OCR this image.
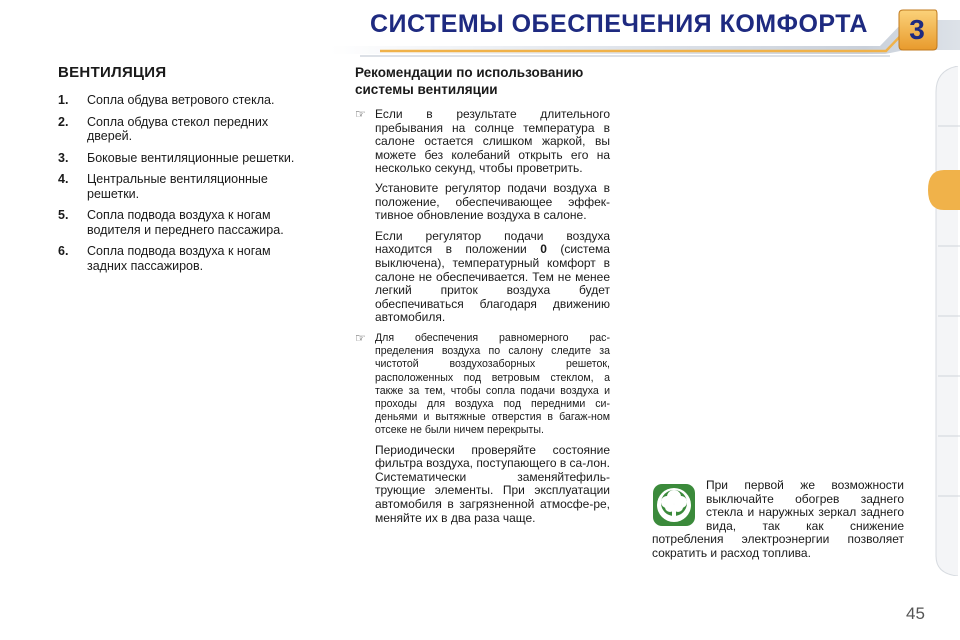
СИСТЕМЫ ОБЕСПЕЧЕНИЯ КОМФОРТА	3
ВЕНТИЛЯЦИЯ
1. Сопла обдува ветрового стекла.
2. Сопла обдува стекол передних дверей.
3. Боковые вентиляционные решетки.
4. Центральные вентиляционные решетки.
5. Сопла подвода воздуха к ногам водителя и переднего пассажира.
6. Сопла подвода воздуха к ногам задних пассажиров.
Рекомендации по использованию системы вентиляции
☞ Если в результате длительного пребывания на солнце температура в салоне остается слишком жаркой, вы можете без колебаний открыть его на несколько секунд, чтобы проветрить.
Установите регулятор подачи воздуха в положение, обеспечивающее эффек-тивное обновление воздуха в салоне.
Если регулятор подачи воздуха находится в положении 0 (система выключена), температурный комфорт в салоне не обеспечивается. Тем не менее легкий приток воздуха будет обеспечиваться благодаря движению автомобиля.
☞ Для обеспечения равномерного рас-пределения воздуха по салону следите за чистотой воздухозаборных решеток, расположенных под ветровым стеклом, а также за тем, чтобы сопла подачи воздуха и проходы для воздуха под передними си-деньями и вытяжные отверстия в багаж-ном отсеке не были ничем перекрыты.
Периодически проверяйте состояние фильтра воздуха, поступающего в са-лон. Систематически заменяйтефиль-трующие элементы. При эксплуатации автомобиля в загрязненной атмосфе-ре, меняйте их в два раза чаще.
При первой же возможности выключайте обогрев заднего стекла и наружных зеркал заднего вида, так как снижение потребления электроэнергии позволяет сократить и расход топлива.
45
